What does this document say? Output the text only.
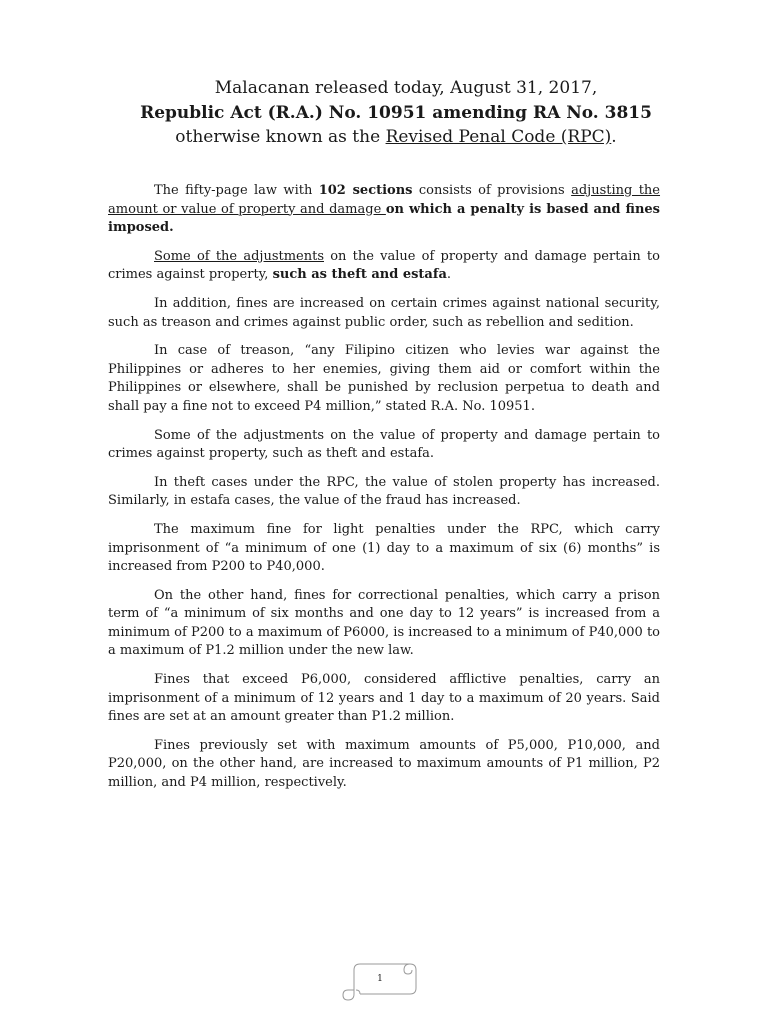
Malacanan released today, August 31, 2017,
Republic Act (R.A.) No. 10951 amending RA No. 3815 otherwise known as the Revised Penal Code (RPC).

The fifty-page law with 102 sections consists of provisions adjusting the amount or value of property and damage on which a penalty is based and fines imposed.

Some of the adjustments on the value of property and damage pertain to crimes against property, such as theft and estafa.

In addition, fines are increased on certain crimes against national security, such as treason and crimes against public order, such as rebellion and sedition.

In case of treason, “any Filipino citizen who levies war against the Philippines or adheres to her enemies, giving them aid or comfort within the Philippines or elsewhere, shall be punished by reclusion perpetua to death and shall pay a fine not to exceed P4 million,” stated R.A. No. 10951.

Some of the adjustments on the value of property and damage pertain to crimes against property, such as theft and estafa.

In theft cases under the RPC, the value of stolen property has increased. Similarly, in estafa cases, the value of the fraud has increased.

The maximum fine for light penalties under the RPC, which carry imprisonment of “a minimum of one (1) day to a maximum of six (6) months” is increased from P200 to P40,000.

On the other hand, fines for correctional penalties, which carry a prison term of “a minimum of six months and one day to 12 years” is increased from a minimum of P200 to a maximum of P6000, is increased to a minimum of P40,000 to a maximum of P1.2 million under the new law.

Fines that exceed P6,000, considered afflictive penalties, carry an imprisonment of a minimum of 12 years and 1 day to a maximum of 20 years. Said fines are set at an amount greater than P1.2 million.

Fines previously set with maximum amounts of P5,000, P10,000, and P20,000, on the other hand, are increased to maximum amounts of P1 million, P2 million, and P4 million, respectively.

1
